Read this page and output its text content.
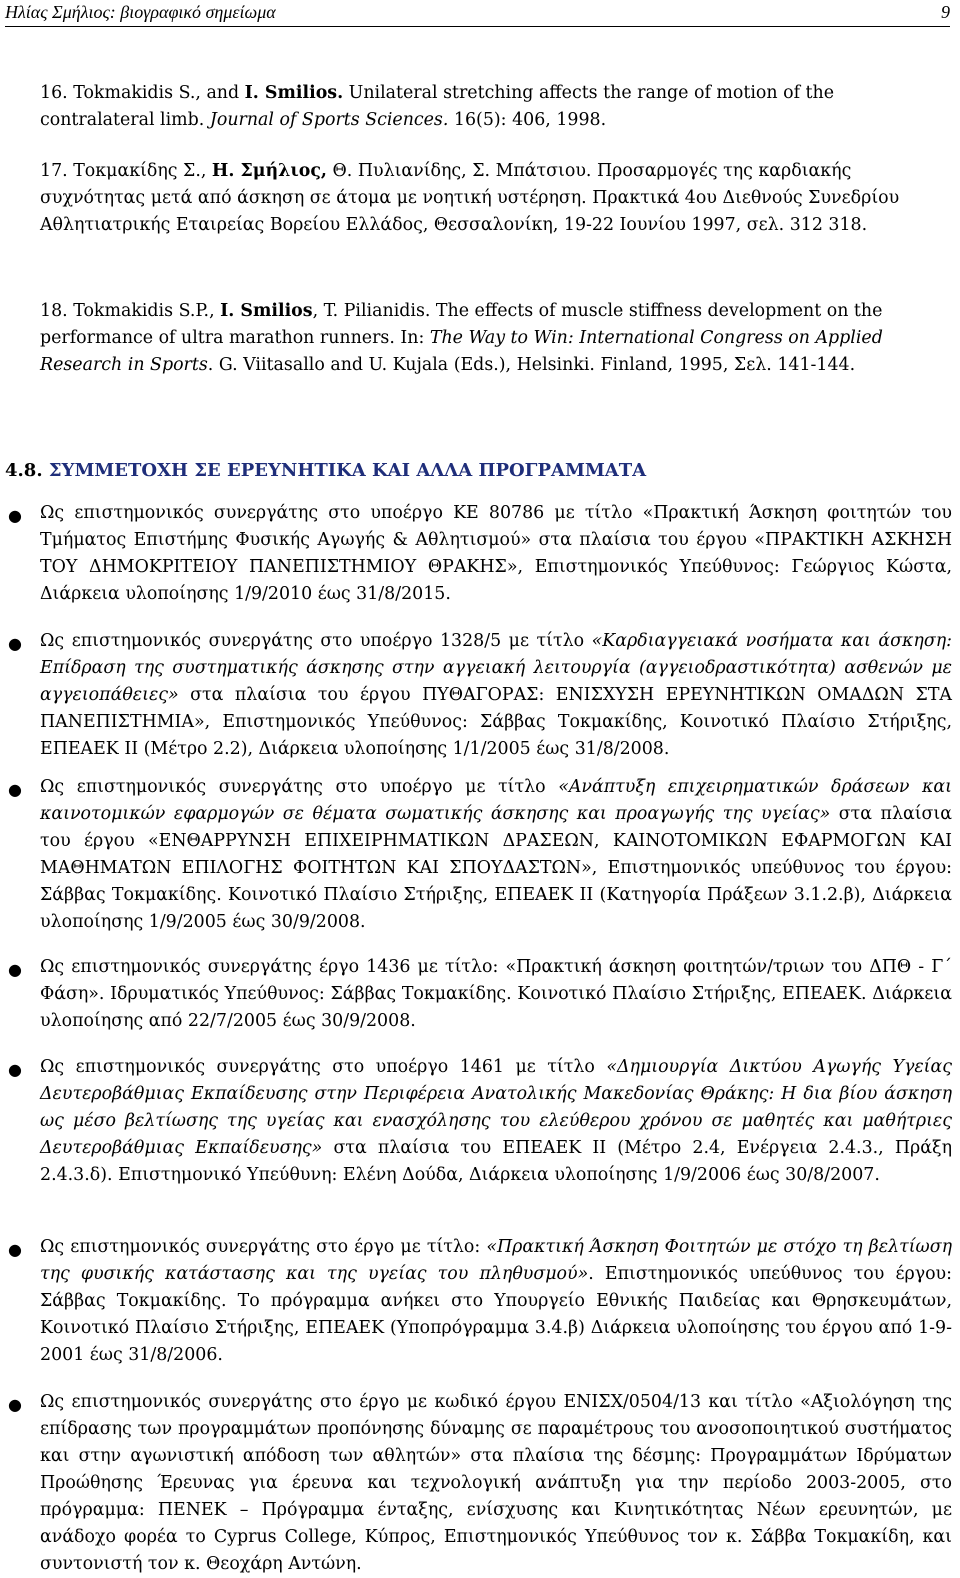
Ηλίας Σμήλιος: βιογραφικό σημείωμα	9
16. Tokmakidis S., and I. Smilios. Unilateral stretching affects the range of motion of the contralateral limb. Journal of Sports Sciences. 16(5): 406, 1998.
17. Τοκμακίδης Σ., Η. Σμήλιος, Θ. Πυλιανίδης, Σ. Μπάτσιου. Προσαρμογές της καρδιακής συχνότητας μετά από άσκηση σε άτομα με νοητική υστέρηση. Πρακτικά 4ου Διεθνούς Συνεδρίου Αθλητιατρικής Εταιρείας Βορείου Ελλάδος, Θεσσαλονίκη, 19-22 Ιουνίου 1997, σελ. 312 318.
18. Tokmakidis S.P., I. Smilios, T. Pilianidis. The effects of muscle stiffness development on the performance of ultra marathon runners. In: The Way to Win: International Congress on Applied Research in Sports. G. Viitasallo and U. Kujala (Eds.), Helsinki. Finland, 1995, Σελ. 141-144.
4.8. ΣΥΜΜΕΤΟΧΗ ΣΕ ΕΡΕΥΝΗΤΙΚΑ ΚΑΙ ΑΛΛΑ ΠΡΟΓΡΑΜΜΑΤΑ
● Ως επιστημονικός συνεργάτης στο υποέργο ΚΕ 80786 με τίτλο «Πρακτική Άσκηση φοιτητών του Τμήματος Επιστήμης Φυσικής Αγωγής & Αθλητισμού» στα πλαίσια του έργου «ΠΡΑΚΤΙΚΗ ΑΣΚΗΣΗ ΤΟΥ ΔΗΜΟΚΡΙΤΕΙΟΥ ΠΑΝΕΠΙΣΤΗΜΙΟΥ ΘΡΑΚΗΣ», Επιστημονικός Υπεύθυνος: Γεώργιος Κώστα, Διάρκεια υλοποίησης 1/9/2010 έως 31/8/2015.
● Ως επιστημονικός συνεργάτης στο υποέργο 1328/5 με τίτλο «Καρδιαγγειακά νοσήματα και άσκηση: Επίδραση της συστηματικής άσκησης στην αγγειακή λειτουργία (αγγειοδραστικότητα) ασθενών με αγγειοπάθειες» στα πλαίσια του έργου ΠΥΘΑΓΟΡΑΣ: ΕΝΙΣΧΥΣΗ ΕΡΕΥΝΗΤΙΚΩΝ ΟΜΑΔΩΝ ΣΤΑ ΠΑΝΕΠΙΣΤΗΜΙΑ», Επιστημονικός Υπεύθυνος: Σάββας Τοκμακίδης, Κοινοτικό Πλαίσιο Στήριξης, ΕΠΕΑΕΚ ΙΙ (Μέτρο 2.2), Διάρκεια υλοποίησης 1/1/2005 έως 31/8/2008.
● Ως επιστημονικός συνεργάτης στο υποέργο με τίτλο «Ανάπτυξη επιχειρηματικών δράσεων και καινοτομικών εφαρμογών σε θέματα σωματικής άσκησης και προαγωγής της υγείας» στα πλαίσια του έργου «ΕΝΘΑΡΡΥΝΣΗ ΕΠΙΧΕΙΡΗΜΑΤΙΚΩΝ ΔΡΑΣΕΩΝ, ΚΑΙΝΟΤΟΜΙΚΩΝ ΕΦΑΡΜΟΓΩΝ ΚΑΙ ΜΑΘΗΜΑΤΩΝ ΕΠΙΛΟΓΗΣ ΦΟΙΤΗΤΩΝ ΚΑΙ ΣΠΟΥΔΑΣΤΩΝ», Επιστημονικός υπεύθυνος του έργου: Σάββας Τοκμακίδης. Κοινοτικό Πλαίσιο Στήριξης, ΕΠΕΑΕΚ ΙΙ (Κατηγορία Πράξεων 3.1.2.β), Διάρκεια υλοποίησης 1/9/2005 έως 30/9/2008.
● Ως επιστημονικός συνεργάτης έργο 1436 με τίτλο: «Πρακτική άσκηση φοιτητών/τριων του ΔΠΘ - Γ΄ Φάση». Ιδρυματικός Υπεύθυνος: Σάββας Τοκμακίδης. Κοινοτικό Πλαίσιο Στήριξης, ΕΠΕΑΕΚ. Διάρκεια υλοποίησης από 22/7/2005 έως 30/9/2008.
● Ως επιστημονικός συνεργάτης στο υποέργο 1461 με τίτλο «Δημιουργία Δικτύου Αγωγής Υγείας Δευτεροβάθμιας Εκπαίδευσης στην Περιφέρεια Ανατολικής Μακεδονίας Θράκης: Η δια βίου άσκηση ως μέσο βελτίωσης της υγείας και ενασχόλησης του ελεύθερου χρόνου σε μαθητές και μαθήτριες Δευτεροβάθμιας Εκπαίδευσης» στα πλαίσια του ΕΠΕΑΕΚ ΙΙ (Μέτρο 2.4, Ενέργεια 2.4.3., Πράξη 2.4.3.δ). Επιστημονικό Υπεύθυνη: Ελένη Δούδα, Διάρκεια υλοποίησης 1/9/2006 έως 30/8/2007.
● Ως επιστημονικός συνεργάτης στο έργο με τίτλο: «Πρακτική Άσκηση Φοιτητών με στόχο τη βελτίωση της φυσικής κατάστασης και της υγείας του πληθυσμού». Επιστημονικός υπεύθυνος του έργου: Σάββας Τοκμακίδης. Το πρόγραμμα ανήκει στο Υπουργείο Εθνικής Παιδείας και Θρησκευμάτων, Κοινοτικό Πλαίσιο Στήριξης, ΕΠΕΑΕΚ (Υποπρόγραμμα 3.4.β) Διάρκεια υλοποίησης του έργου από 1-9-2001 έως 31/8/2006.
● Ως επιστημονικός συνεργάτης στο έργο με κωδικό έργου ΕΝΙΣΧ/0504/13 και τίτλο «Αξιολόγηση της επίδρασης των προγραμμάτων προπόνησης δύναμης σε παραμέτρους του ανοσοποιητικού συστήματος και στην αγωνιστική απόδοση των αθλητών» στα πλαίσια της δέσμης: Προγραμμάτων Ιδρύματων Προώθησης Έρευνας για έρευνα και τεχνολογική ανάπτυξη για την περίοδο 2003-2005, στο πρόγραμμα: ΠΕΝΕΚ – Πρόγραμμα ένταξης, ενίσχυσης και Κινητικότητας Νέων ερευνητών, με ανάδοχο φορέα το Cyprus College, Κύπρος, Επιστημονικός Υπεύθυνος τον κ. Σάββα Τοκμακίδη, και συντονιστή τον κ. Θεοχάρη Αντώνη.
